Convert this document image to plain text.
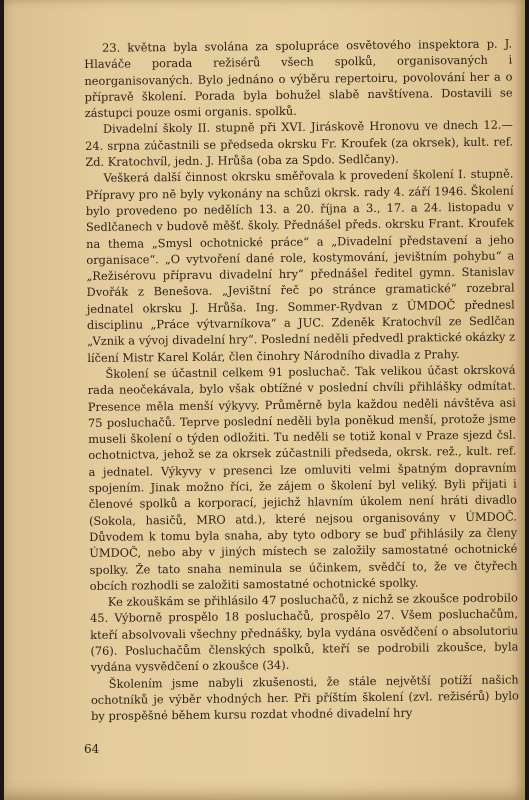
23. května byla svolána za spolupráce osvětového inspektora p. J. Hlaváče porada režisérů všech spolků, organisovaných i neorganisovaných. Bylo jednáno o výběru repertoiru, povolování her a o přípravě školení. Porada byla bohužel slabě navštívena. Dostavili se zástupci pouze osmi organis. spolků.

Divadelní školy II. stupně při XVI. Jiráskově Hronovu ve dnech 12.—24. srpna zúčastnili se předseda okrsku Fr. Kroufek (za okrsek), kult. ref. Zd. Kratochvíl, jedn. J. Hrůša (oba za Spdo. Sedlčany).

Veškerá další činnost okrsku směřovala k provedení školení I. stupně. Přípravy pro ně byly vykonány na schůzi okrsk. rady 4. září 1946. Školení bylo provedeno po nedělích 13. a 20. října a 3., 17. a 24. listopadu v Sedlčanech v budově měšť. školy. Přednášel předs. okrsku Frant. Kroufek na thema „Smysl ochotnické práce“ a „Divadelní představení a jeho organisace“. „O vytvoření dané role, kostymování, jevištním pohybu“ a „Režisérovu přípravu divadelní hry“ přednášel ředitel gymn. Stanislav Dvořák z Benešova. „Jevištní řeč po stránce gramatické“ rozebral jednatel okrsku J. Hrůša. Ing. Sommer-Rydvan z ÚMDOČ přednesl disciplinu „Práce výtvarníkova“ a JUC. Zdeněk Kratochvíl ze Sedlčan „Vznik a vývoj divadelní hry“. Poslední neděli předvedl praktické okázky z líčení Mistr Karel Kolár, člen činohry Národního divadla z Prahy.

Školení se účastnil celkem 91 posluchač. Tak velikou účast okrsková rada neočekávala, bylo však obtížné v poslední chvíli přihlášky odmítat. Presence měla menší výkyvy. Průměrně byla každou neděli návštěva asi 75 posluchačů. Teprve poslední neděli byla poněkud menší, protože jsme museli školení o týden odložiti. Tu neděli se totiž konal v Praze sjezd čsl. ochotnictva, jehož se za okrsek zúčastnili předseda, okrsk. rež., kult. ref. a jednatel. Výkyvy v presenci lze omluviti velmi špatným dopravním spojením. Jinak možno říci, že zájem o školení byl veliký. Byli přijati i členové spolků a korporací, jejichž hlavním úkolem není hráti divadlo (Sokola, hasičů, MRO atd.), které nejsou organisovány v ÚMDOČ. Důvodem k tomu byla snaha, aby tyto odbory se buď přihlásily za členy ÚMDOČ, nebo aby v jiných místech se založily samostatné ochotnické spolky. Že tato snaha neminula se účinkem, svědčí to, že ve čtyřech obcích rozhodli se založiti samostatné ochotnické spolky.

Ke zkouškám se přihlásilo 47 posluchačů, z nichž se zkoušce podrobilo 45. Výborně prospělo 18 posluchačů, prospělo 27. Všem posluchačům, kteří absolvovali všechny přednášky, byla vydána osvědčení o absolutoriu (76). Posluchačům členských spolků, kteří se podrobili zkoušce, byla vydána vysvědčení o zkoušce (34).

Školením jsme nabyli zkušenosti, že stále největší potíží našich ochotníků je výběr vhodných her. Při příštím školení (zvl. režisérů) bylo by prospěšné během kursu rozdat vhodné divadelní hry

64
